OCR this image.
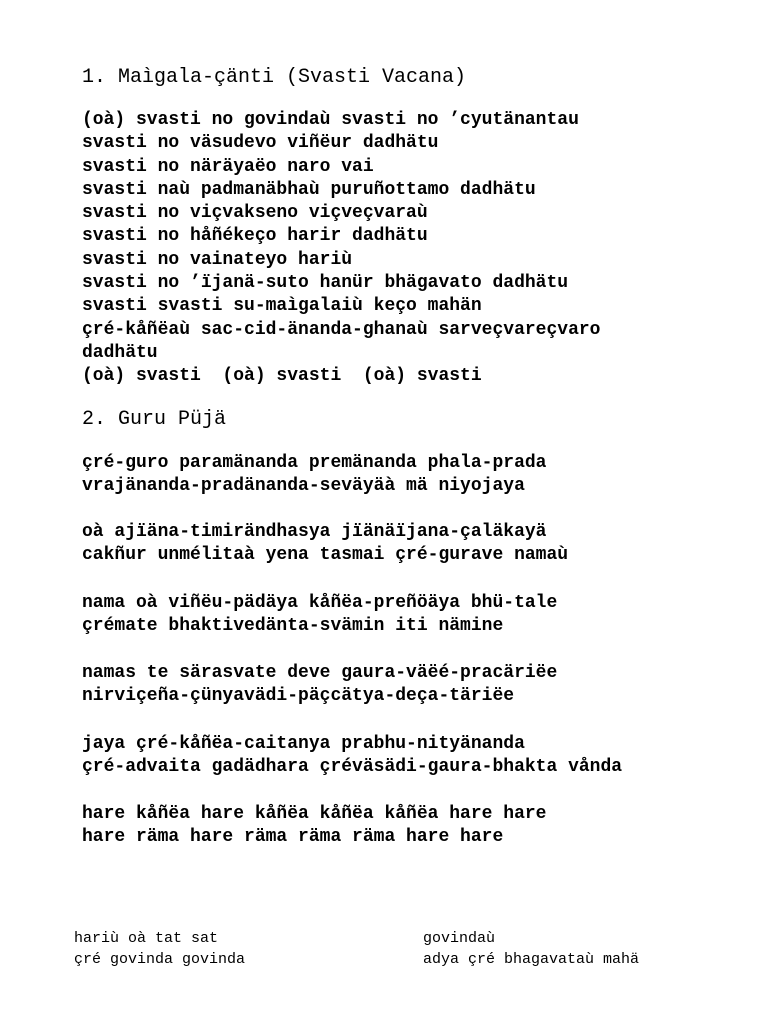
1. Maìgala-çänti (Svasti Vacana)
(oà) svasti no govindaù svasti no ’cyutänantau
svasti no väsudevo viñëur dadhätu
svasti no näräyaëo naro vai
svasti naù padmanäbhaù puruñottamo dadhätu
svasti no viçvakseno viçveçvaraù
svasti no håñékeço harir dadhätu
svasti no vainateyo hariù
svasti no ’ïjanä-suto hanür bhägavato dadhätu
svasti svasti su-maìgalaiù keço mahän
çré-kåñëaù sac-cid-änanda-ghanaù sarveçvareçvaro
dadhätu
(oà) svasti  (oà) svasti  (oà) svasti
2. Guru Püjä
çré-guro paramänanda premänanda phala-prada
vrajänanda-pradänanda-seväyäà mä niyojaya
oà ajïäna-timirändhasya jïänäïjana-çaläkayä
cakñur unmélitaà yena tasmai çré-gurave namaù
nama oà viñëu-pädäya kåñëa-preñöäya bhü-tale
çrémate bhaktivedänta-svämin iti nämine
namas te särasvate deve gaura-väëé-pracäriëe
nirviçeña-çünyavädi-päçcätya-deça-täriëe
jaya çré-kåñëa-caitanya prabhu-nityänanda
çré-advaita gadädhara çréväsädi-gaura-bhakta vånda
hare kåñëa hare kåñëa kåñëa kåñëa hare hare
hare räma hare räma räma räma hare hare
hariù oà tat sat
çré govinda govinda
govindaù
adya çré bhagavataù mahä
